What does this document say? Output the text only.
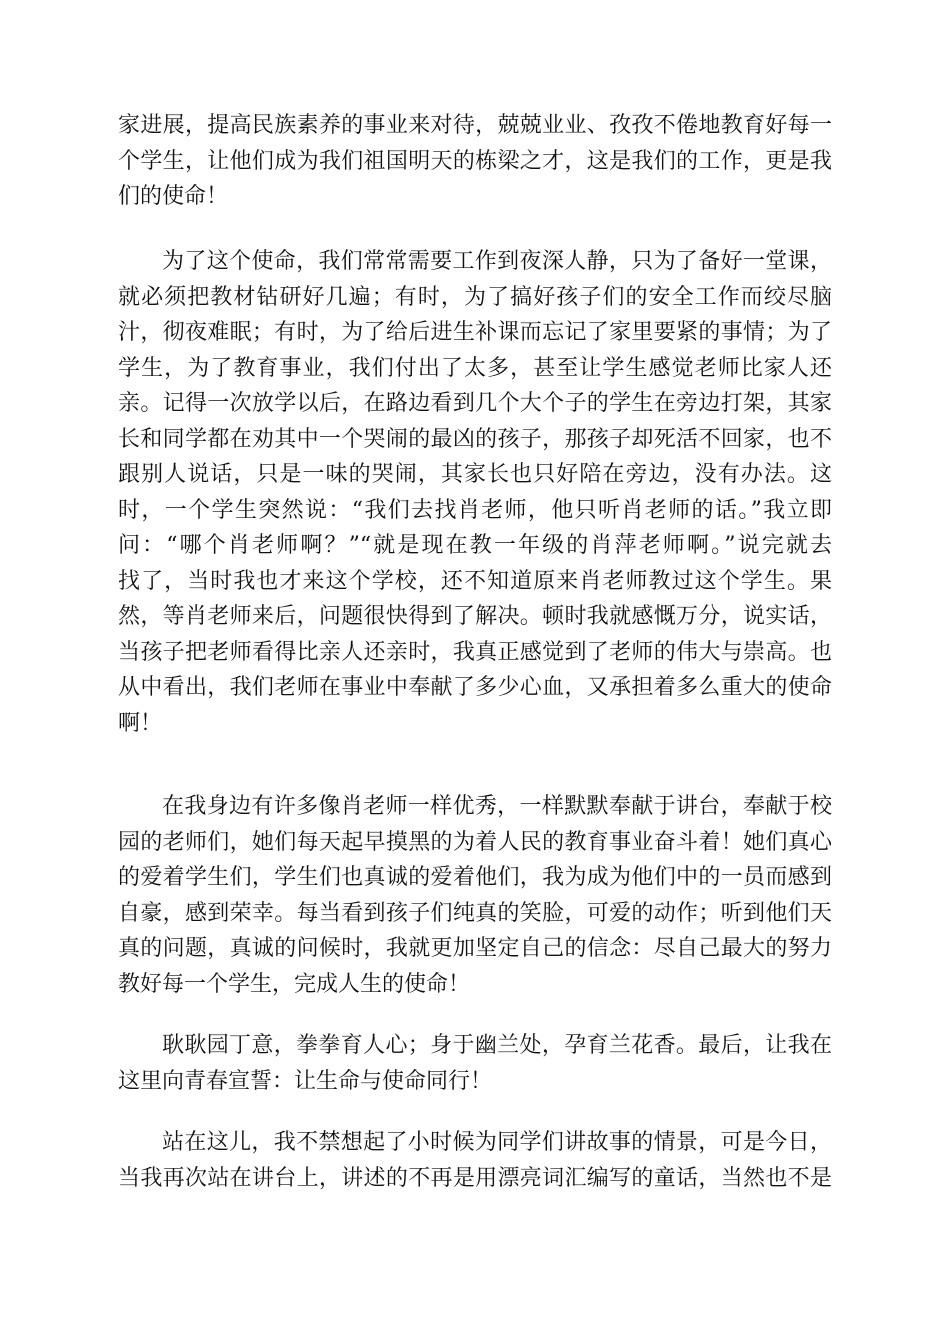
家进展，提高民族素养的事业来对待，兢兢业业、孜孜不倦地教育好每一
个学生，让他们成为我们祖国明天的栋梁之才，这是我们的工作，更是我
们的使命！
为了这个使命，我们常常需要工作到夜深人静，只为了备好一堂课，
就必须把教材钻研好几遍；有时，为了搞好孩子们的安全工作而绞尽脑
汁，彻夜难眠；有时，为了给后进生补课而忘记了家里要紧的事情；为了
学生，为了教育事业，我们付出了太多，甚至让学生感觉老师比家人还
亲。记得一次放学以后，在路边看到几个大个子的学生在旁边打架，其家
长和同学都在劝其中一个哭闹的最凶的孩子，那孩子却死活不回家，也不
跟别人说话，只是一味的哭闹，其家长也只好陪在旁边，没有办法。这
时，一个学生突然说：“我们去找肖老师，他只听肖老师的话。”我立即
问：“哪个肖老师啊？”“就是现在教一年级的肖萍老师啊。”说完就去
找了，当时我也才来这个学校，还不知道原来肖老师教过这个学生。果
然，等肖老师来后，问题很快得到了解决。顿时我就感慨万分，说实话，
当孩子把老师看得比亲人还亲时，我真正感觉到了老师的伟大与崇高。也
从中看出，我们老师在事业中奉献了多少心血，又承担着多么重大的使命
啊！
在我身边有许多像肖老师一样优秀，一样默默奉献于讲台，奉献于校
园的老师们，她们每天起早摸黑的为着人民的教育事业奋斗着！她们真心
的爱着学生们，学生们也真诚的爱着他们，我为成为他们中的一员而感到
自豪，感到荣幸。每当看到孩子们纯真的笑脸，可爱的动作；听到他们天
真的问题，真诚的问候时，我就更加坚定自己的信念：尽自己最大的努力
教好每一个学生，完成人生的使命！
耿耿园丁意，拳拳育人心；身于幽兰处，孕育兰花香。最后，让我在
这里向青春宣誓：让生命与使命同行！
站在这儿，我不禁想起了小时候为同学们讲故事的情景，可是今日，
当我再次站在讲台上，讲述的不再是用漂亮词汇编写的童话，当然也不是
